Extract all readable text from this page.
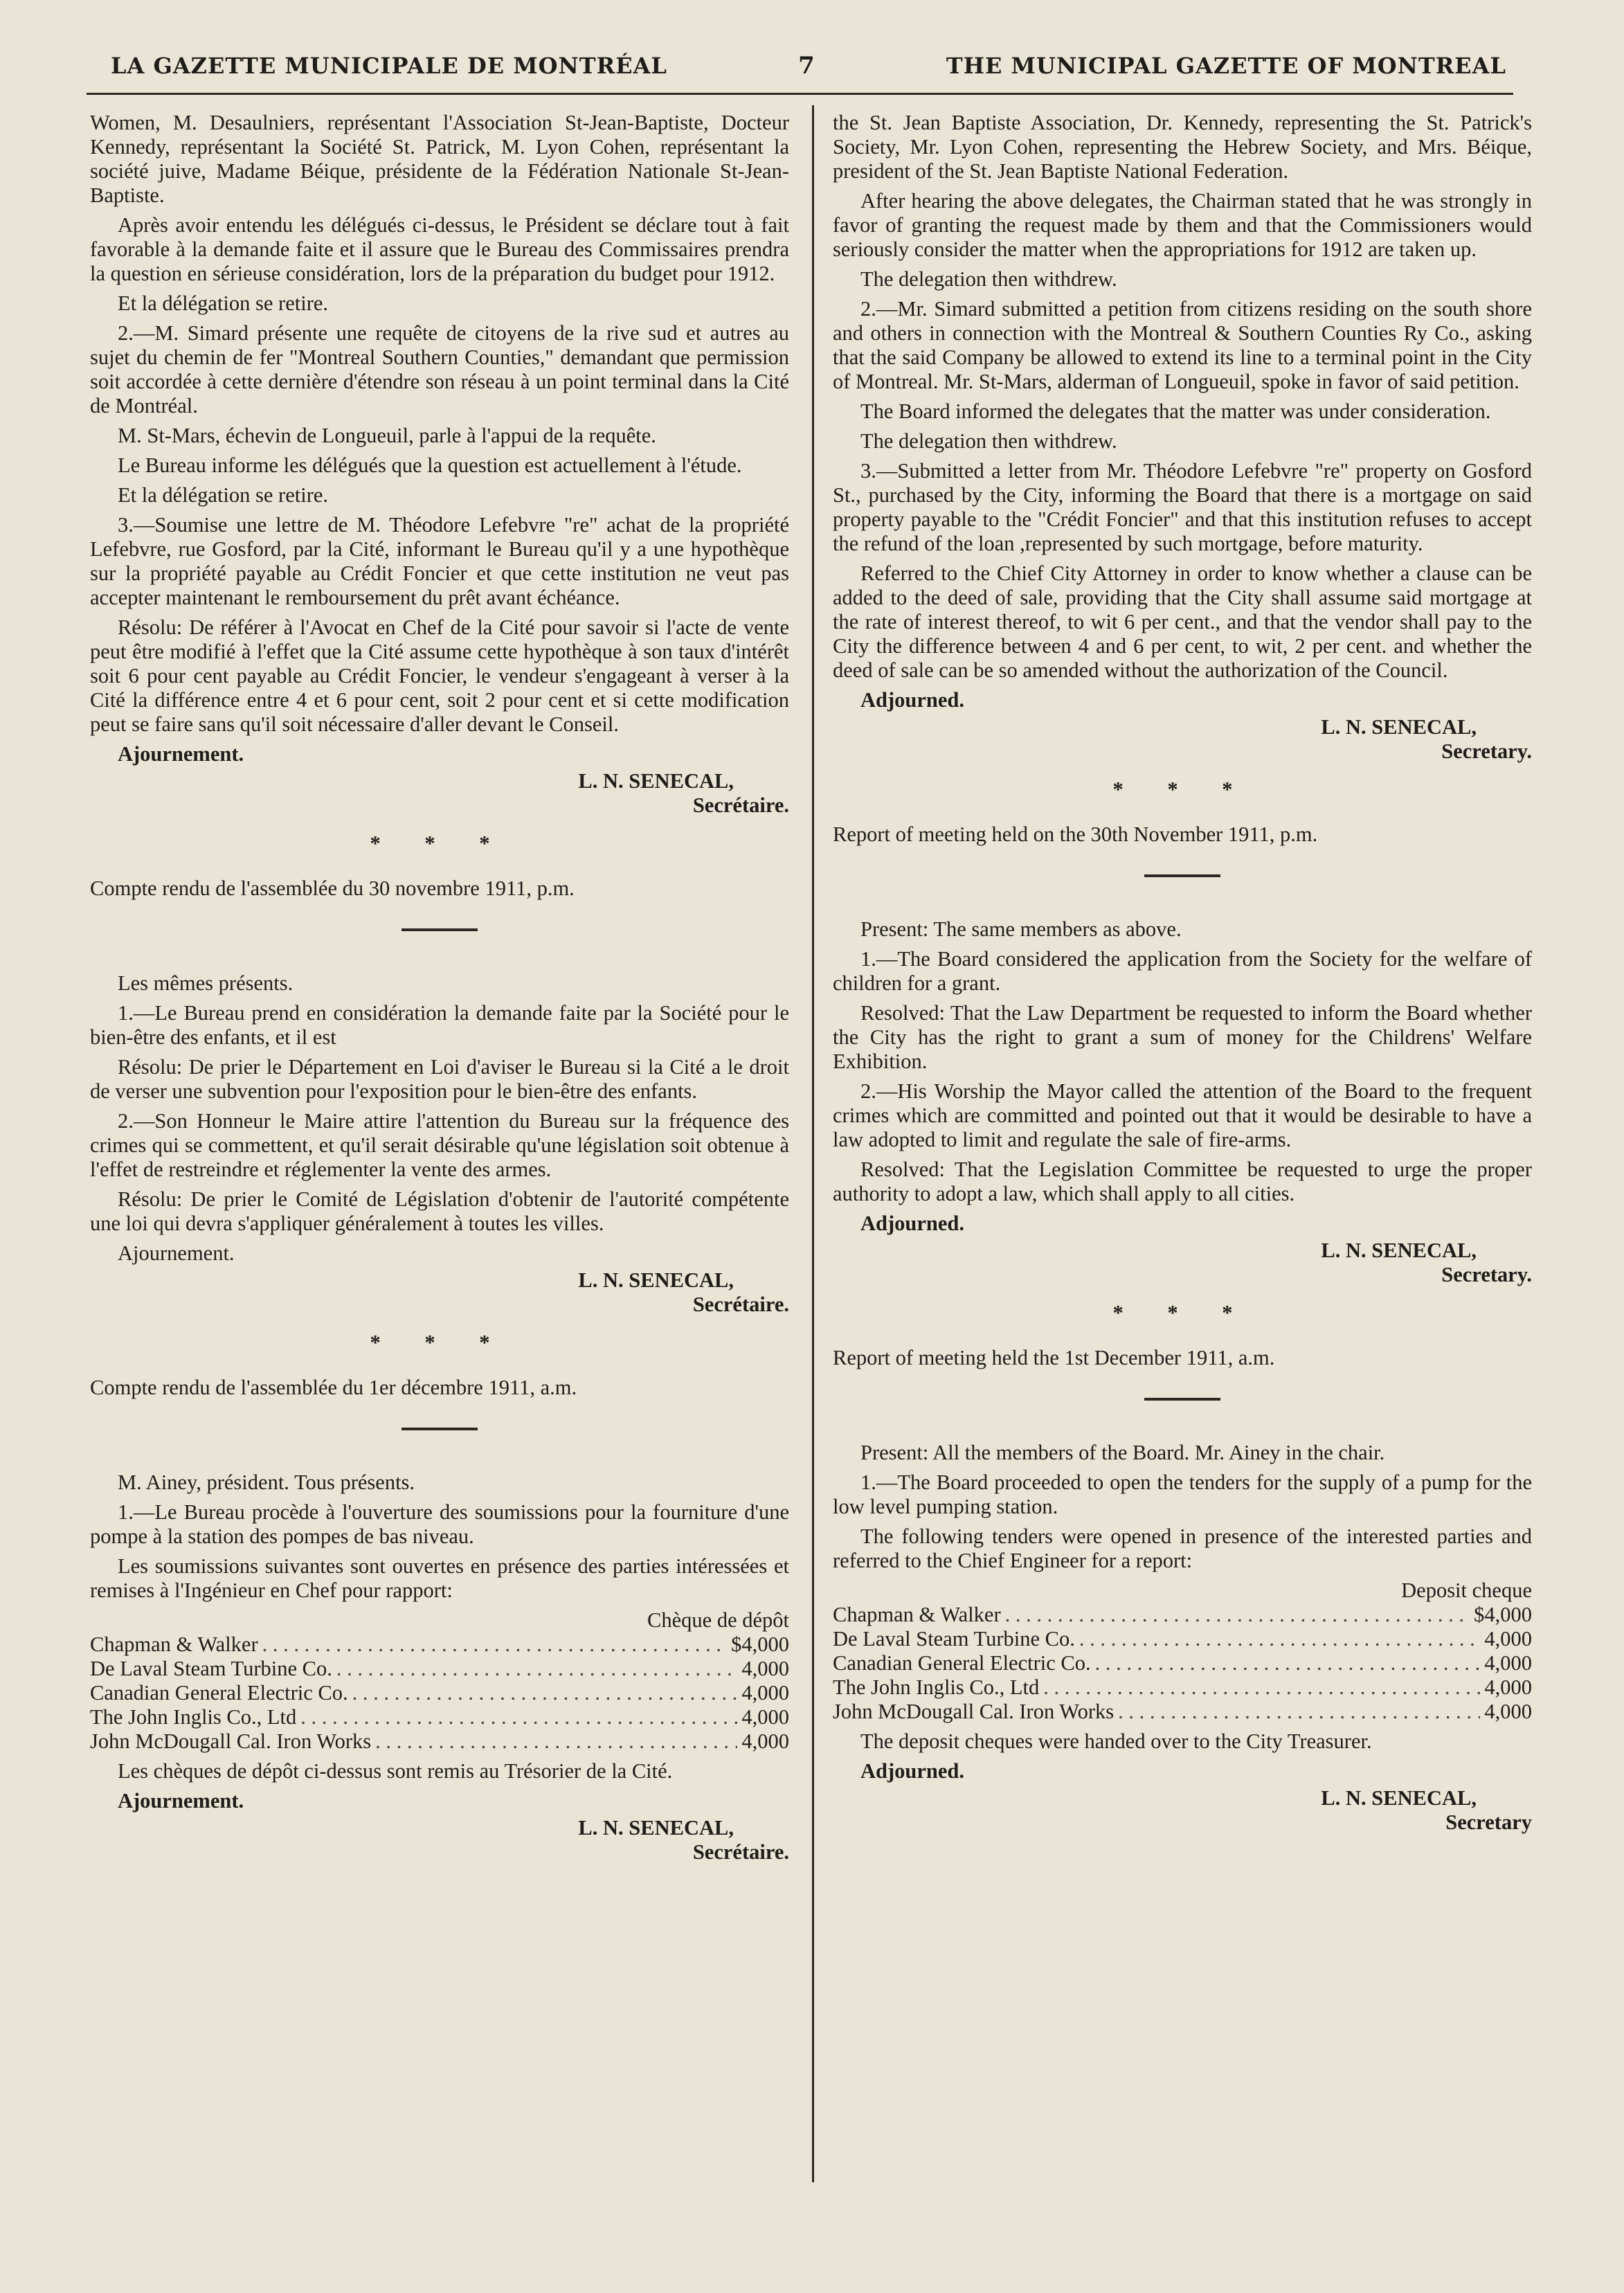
LA GAZETTE MUNICIPALE DE MONTRÉAL	7	THE MUNICIPAL GAZETTE OF MONTREAL

Women, M. Desaulniers, représentant l'Association St-Jean-Baptiste, Docteur Kennedy, représentant la Société St. Patrick, M. Lyon Cohen, représentant la société juive, Madame Béique, présidente de la Fédération Nationale St-Jean-Baptiste.

Après avoir entendu les délégués ci-dessus, le Président se déclare tout à fait favorable à la demande faite et il assure que le Bureau des Commissaires prendra la question en sérieuse considération, lors de la préparation du budget pour 1912.

Et la délégation se retire.

2.—M. Simard présente une requête de citoyens de la rive sud et autres au sujet du chemin de fer "Montreal Southern Counties," demandant que permission soit accordée à cette dernière d'étendre son réseau à un point terminal dans la Cité de Montréal.

M. St-Mars, échevin de Longueuil, parle à l'appui de la requête.

Le Bureau informe les délégués que la question est actuellement à l'étude.

Et la délégation se retire.

3.—Soumise une lettre de M. Théodore Lefebvre "re" achat de la propriété Lefebvre, rue Gosford, par la Cité, informant le Bureau qu'il y a une hypothèque sur la propriété payable au Crédit Foncier et que cette institution ne veut pas accepter maintenant le remboursement du prêt avant échéance.

Résolu: De référer à l'Avocat en Chef de la Cité pour savoir si l'acte de vente peut être modifié à l'effet que la Cité assume cette hypothèque à son taux d'intérêt soit 6 pour cent payable au Crédit Foncier, le vendeur s'engageant à verser à la Cité la différence entre 4 et 6 pour cent, soit 2 pour cent et si cette modification peut se faire sans qu'il soit nécessaire d'aller devant le Conseil.

Ajournement.
L. N. SENECAL,
Secrétaire.
* * *

Compte rendu de l'assemblée du 30 novembre 1911, p.m.

Les mêmes présents.

1.—Le Bureau prend en considération la demande faite par la Société pour le bien-être des enfants, et il est

Résolu: De prier le Département en Loi d'aviser le Bureau si la Cité a le droit de verser une subvention pour l'exposition pour le bien-être des enfants.

2.—Son Honneur le Maire attire l'attention du Bureau sur la fréquence des crimes qui se commettent, et qu'il serait désirable qu'une législation soit obtenue à l'effet de restreindre et réglementer la vente des armes.

Résolu: De prier le Comité de Législation d'obtenir de l'autorité compétente une loi qui devra s'appliquer généralement à toutes les villes.

Ajournement.
L. N. SENECAL,
Secrétaire.
* * *

Compte rendu de l'assemblée du 1er décembre 1911, a.m.

M. Ainey, président. Tous présents.

1.—Le Bureau procède à l'ouverture des soumissions pour la fourniture d'une pompe à la station des pompes de bas niveau.

Les soumissions suivantes sont ouvertes en présence des parties intéressées et remises à l'Ingénieur en Chef pour rapport:

Chèque de dépôt
Chapman & Walker . . .	$4,000
De Laval Steam Turbine Co. . . .	4,000
Canadian General Electric Co. . . .	4,000
The John Inglis Co., Ltd . . .	4,000
John McDougall Cal. Iron Works . . .	4,000

Les chèques de dépôt ci-dessus sont remis au Trésorier de la Cité.

Ajournement.
L. N. SENECAL,
Secrétaire.

the St. Jean Baptiste Association, Dr. Kennedy, representing the St. Patrick's Society, Mr. Lyon Cohen, representing the Hebrew Society, and Mrs. Béique, president of the St. Jean Baptiste National Federation.

After hearing the above delegates, the Chairman stated that he was strongly in favor of granting the request made by them and that the Commissioners would seriously consider the matter when the appropriations for 1912 are taken up.

The delegation then withdrew.

2.—Mr. Simard submitted a petition from citizens residing on the south shore and others in connection with the Montreal & Southern Counties Ry Co., asking that the said Company be allowed to extend its line to a terminal point in the City of Montreal. Mr. St-Mars, alderman of Longueuil, spoke in favor of said petition.

The Board informed the delegates that the matter was under consideration.

The delegation then withdrew.

3.—Submitted a letter from Mr. Théodore Lefebvre "re" property on Gosford St., purchased by the City, informing the Board that there is a mortgage on said property payable to the "Crédit Foncier" and that this institution refuses to accept the refund of the loan ,represented by such mortgage, before maturity.

Referred to the Chief City Attorney in order to know whether a clause can be added to the deed of sale, providing that the City shall assume said mortgage at the rate of interest thereof, to wit 6 per cent., and that the vendor shall pay to the City the difference between 4 and 6 per cent, to wit, 2 per cent. and whether the deed of sale can be so amended without the authorization of the Council.

Adjourned.
L. N. SENECAL,
Secretary.
* * *

Report of meeting held on the 30th November 1911, p.m.

Present: The same members as above.

1.—The Board considered the application from the Society for the welfare of children for a grant.

Resolved: That the Law Department be requested to inform the Board whether the City has the right to grant a sum of money for the Childrens' Welfare Exhibition.

2.—His Worship the Mayor called the attention of the Board to the frequent crimes which are committed and pointed out that it would be desirable to have a law adopted to limit and regulate the sale of fire-arms.

Resolved: That the Legislation Committee be requested to urge the proper authority to adopt a law, which shall apply to all cities.

Adjourned.
L. N. SENECAL,
Secretary.
* * *

Report of meeting held the 1st December 1911, a.m.

Present: All the members of the Board. Mr. Ainey in the chair.

1.—The Board proceeded to open the tenders for the supply of a pump for the low level pumping station.

The following tenders were opened in presence of the interested parties and referred to the Chief Engineer for a report:

Deposit cheque
Chapman & Walker . . .	$4,000
De Laval Steam Turbine Co. . . .	4,000
Canadian General Electric Co. . . .	4,000
The John Inglis Co., Ltd . . .	4,000
John McDougall Cal. Iron Works . . .	4,000

The deposit cheques were handed over to the City Treasurer.

Adjourned.
L. N. SENECAL,
Secretary
